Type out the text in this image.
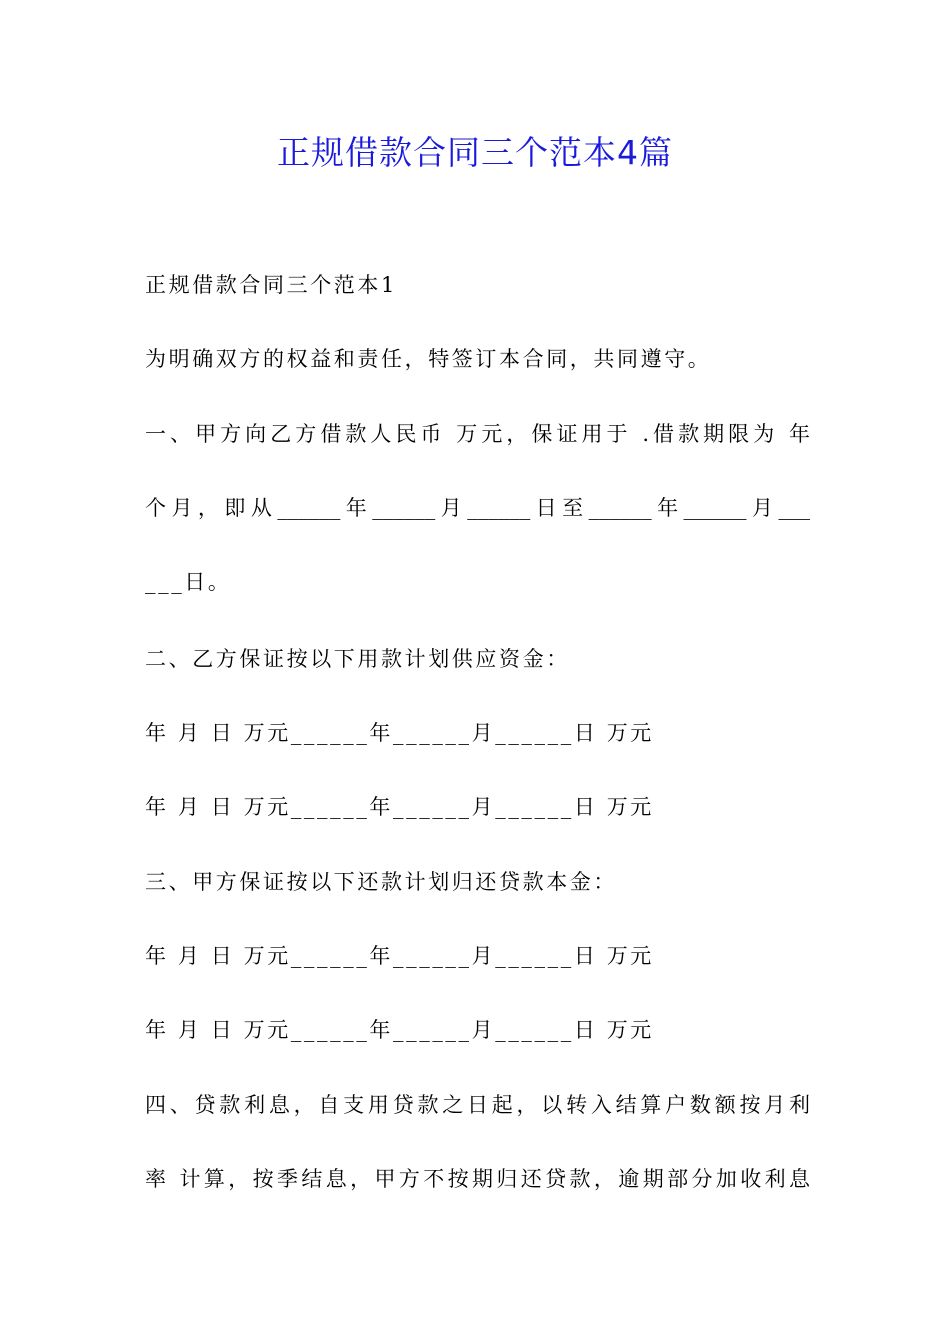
正规借款合同三个范本4篇

正规借款合同三个范本1

为明确双方的权益和责任，特签订本合同，共同遵守。

一、甲方向乙方借款人民币 万元，保证用于 .借款期限为 年

个月，即从______年______月______日至______年______月___

___日。

二、乙方保证按以下用款计划供应资金：

年 月 日 万元______年______月______日 万元

年 月 日 万元______年______月______日 万元

三、甲方保证按以下还款计划归还贷款本金：

年 月 日 万元______年______月______日 万元

年 月 日 万元______年______月______日 万元

四、贷款利息，自支用贷款之日起，以转入结算户数额按月利

率 计算，按季结息，甲方不按期归还贷款，逾期部分加收利息
